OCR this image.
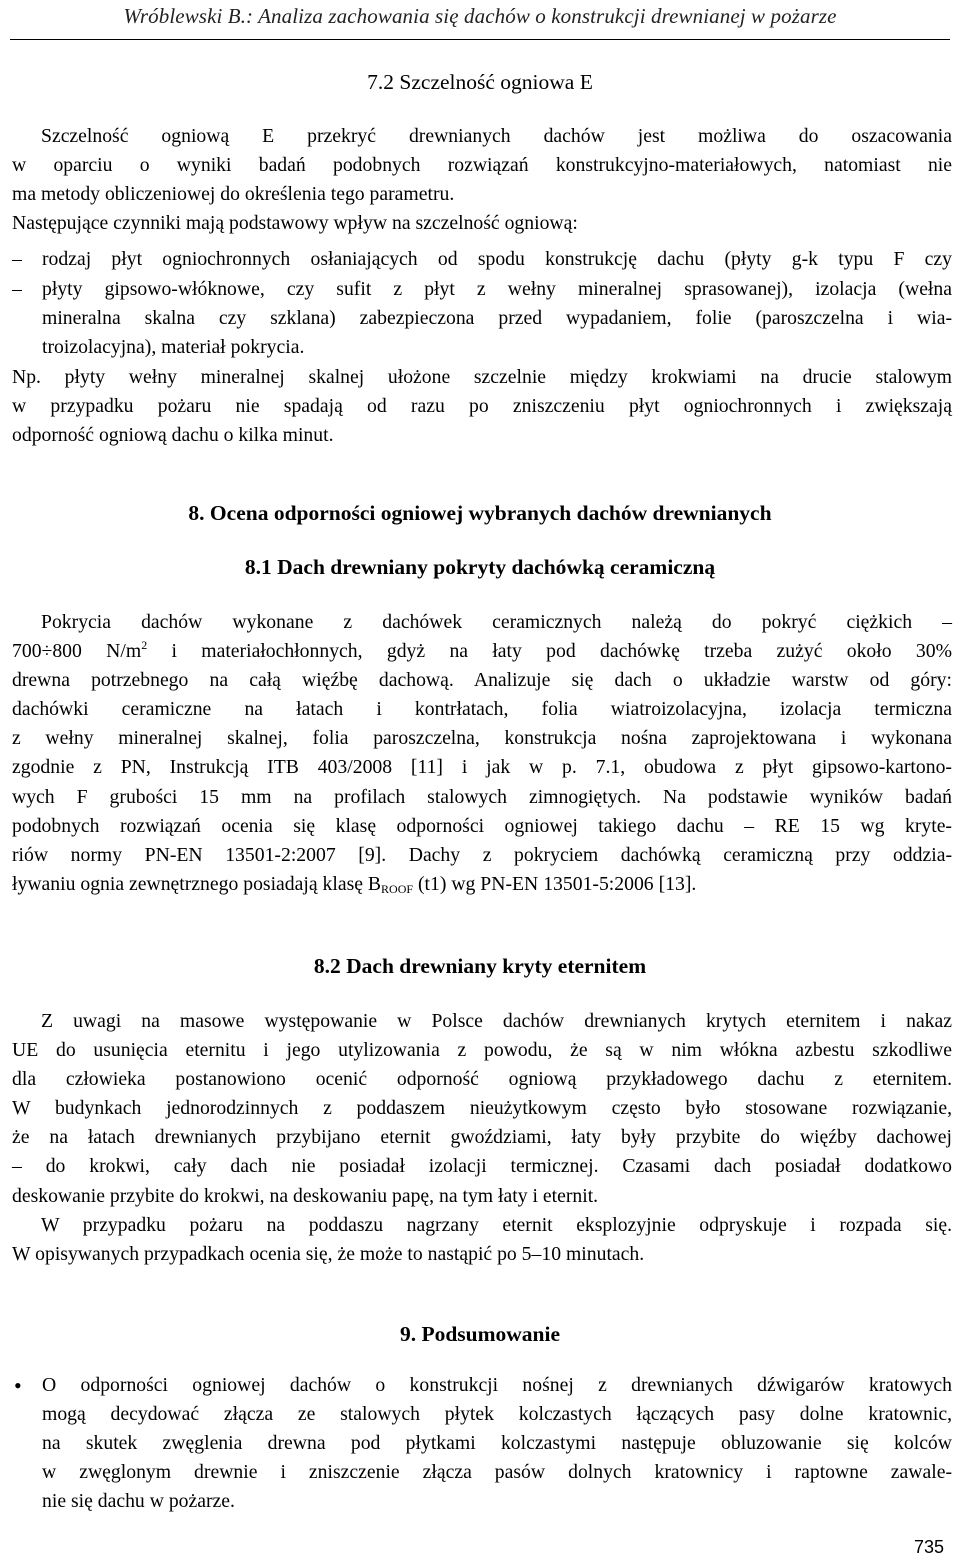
Wróblewski B.: Analiza zachowania się dachów o konstrukcji drewnianej w pożarze
7.2 Szczelność ogniowa E
Szczelność ogniową E przekryć drewnianych dachów jest możliwa do oszacowania
w oparciu o wyniki badań podobnych rozwiązań konstrukcyjno-materiałowych, natomiast nie
ma metody obliczeniowej do określenia tego parametru.
Następujące czynniki mają podstawowy wpływ na szczelność ogniową:
– rodzaj płyt ogniochronnych osłaniających od spodu konstrukcję dachu (płyty g-k typu F czy
– płyty gipsowo-włóknowe, czy sufit z płyt z wełny mineralnej sprasowanej), izolacja (wełna
mineralna skalna czy szklana) zabezpieczona przed wypadaniem, folie (paroszczelna i wia-
troizolacyjna), materiał pokrycia.
Np. płyty wełny mineralnej skalnej ułożone szczelnie między krokwiami na drucie stalowym
w przypadku pożaru nie spadają od razu po zniszczeniu płyt ogniochronnych i zwiększają
odporność ogniową dachu o kilka minut.
8. Ocena odporności ogniowej wybranych dachów drewnianych
8.1 Dach drewniany pokryty dachówką ceramiczną
Pokrycia dachów wykonane z dachówek ceramicznych należą do pokryć ciężkich –
700÷800 $N/m^2$ i materiałochłonnych, gdyż na łaty pod dachówkę trzeba zużyć około 30%
drewna potrzebnego na całą więźbę dachową. Analizuje się dach o układzie warstw od góry:
dachówki ceramiczne na łatach i kontrłatach, folia wiatroizolacyjna, izolacja termiczna
z wełny mineralnej skalnej, folia paroszczelna, konstrukcja nośna zaprojektowana i wykonana
zgodnie z PN, Instrukcją ITB 403/2008 [11] i jak w p. 7.1, obudowa z płyt gipsowo-kartono-
wych F grubości 15 mm na profilach stalowych zimnogiętych. Na podstawie wyników badań
podobnych rozwiązań ocenia się klasę odporności ogniowej takiego dachu – RE 15 wg kryte-
riów normy PN-EN 13501-2:2007 [9]. Dachy z pokryciem dachówką ceramiczną przy oddzia-
ływaniu ognia zewnętrznego posiadają klasę $B_{ROOF}$ (t1) wg PN-EN 13501-5:2006 [13].
8.2 Dach drewniany kryty eternitem
Z uwagi na masowe występowanie w Polsce dachów drewnianych krytych eternitem i nakaz
UE do usunięcia eternitu i jego utylizowania z powodu, że są w nim włókna azbestu szkodliwe
dla człowieka postanowiono ocenić odporność ogniową przykładowego dachu z eternitem.
W budynkach jednorodzinnych z poddaszem nieużytkowym często było stosowane rozwiązanie,
że na łatach drewnianych przybijano eternit gwoździami, łaty były przybite do więźby dachowej
– do krokwi, cały dach nie posiadał izolacji termicznej. Czasami dach posiadał dodatkowo
deskowanie przybite do krokwi, na deskowaniu papę, na tym łaty i eternit.
W przypadku pożaru na poddaszu nagrzany eternit eksplozyjnie odpryskuje i rozpada się.
W opisywanych przypadkach ocenia się, że może to nastąpić po 5–10 minutach.
9. Podsumowanie
• O odporności ogniowej dachów o konstrukcji nośnej z drewnianych dźwigarów kratowych
mogą decydować złącza ze stalowych płytek kolczastych łączących pasy dolne kratownic,
na skutek zwęglenia drewna pod płytkami kolczastymi następuje obluzowanie się kolców
w zwęglonym drewnie i zniszczenie złącza pasów dolnych kratownicy i raptowne zawale-
nie się dachu w pożarze.
735
